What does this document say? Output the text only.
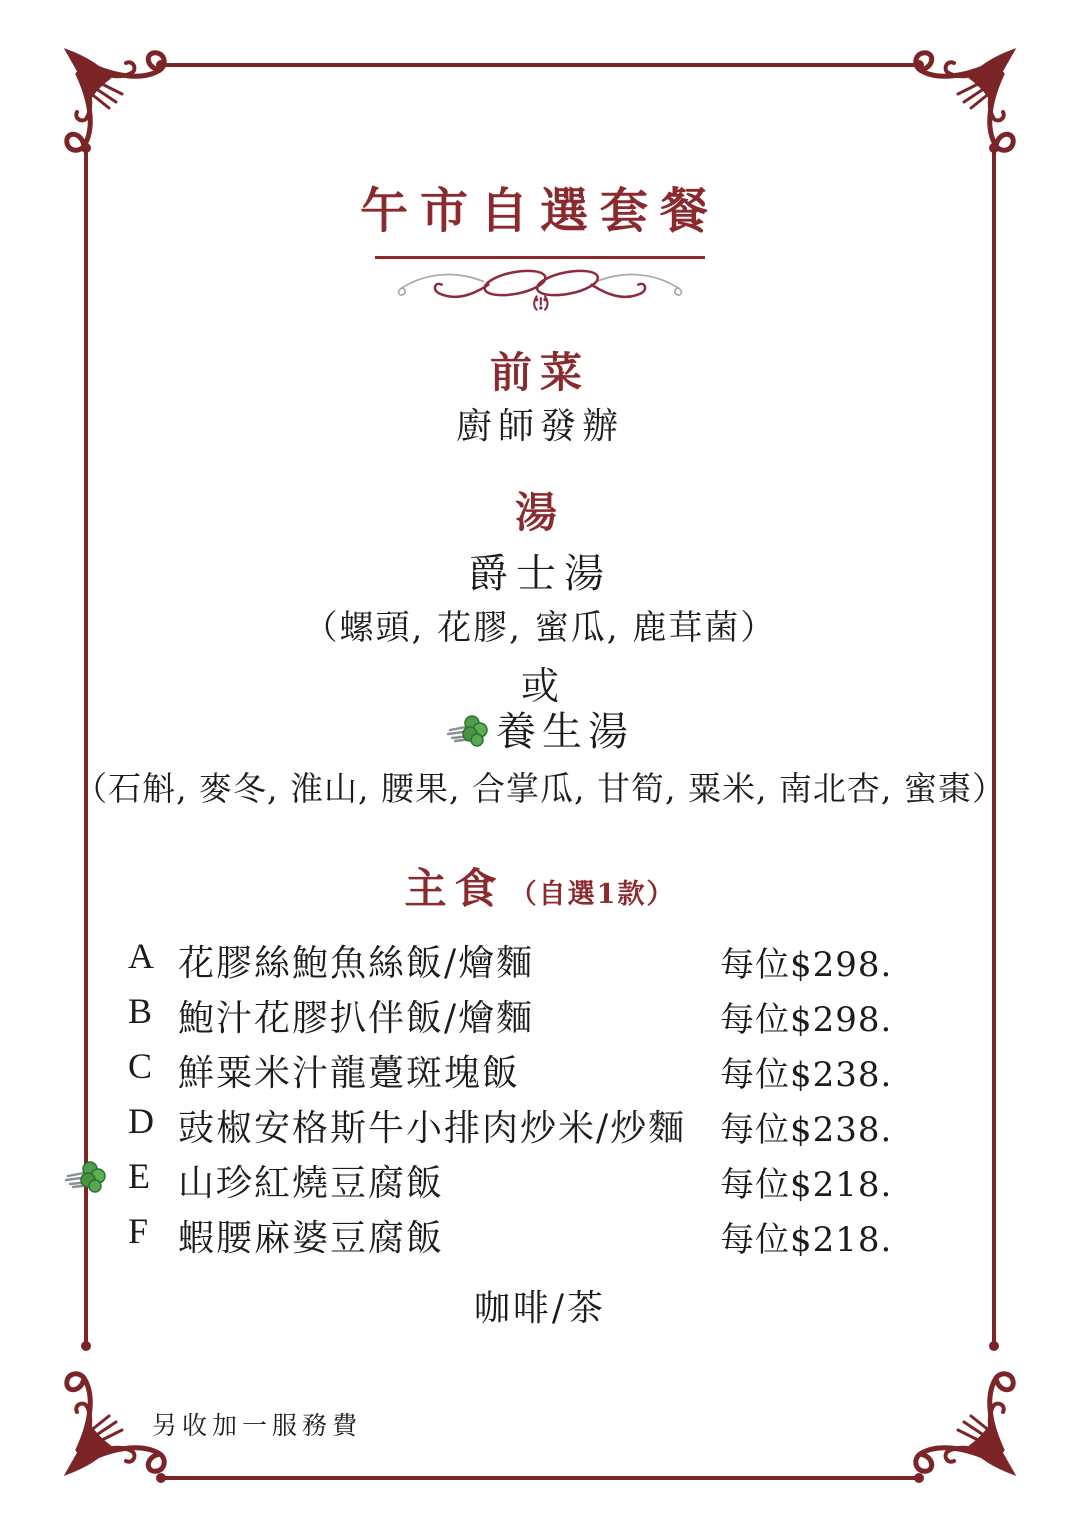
午市自選套餐
前菜
廚師發辦
湯
爵士湯
（螺頭, 花膠, 蜜瓜, 鹿茸菌）
或
養生湯
（石斛, 麥冬, 淮山, 腰果, 合掌瓜, 甘筍, 粟米, 南北杏, 蜜棗）
主食 （自選1款）
A 花膠絲鮑魚絲飯/燴麵	每位$298.
B 鮑汁花膠扒伴飯/燴麵	每位$298.
C 鮮粟米汁龍躉斑塊飯	每位$238.
D 豉椒安格斯牛小排肉炒米/炒麵 每位$238.
E 山珍紅燒豆腐飯	每位$218.
F 蝦腰麻婆豆腐飯	每位$218.
咖啡/茶
另收加一服務費
